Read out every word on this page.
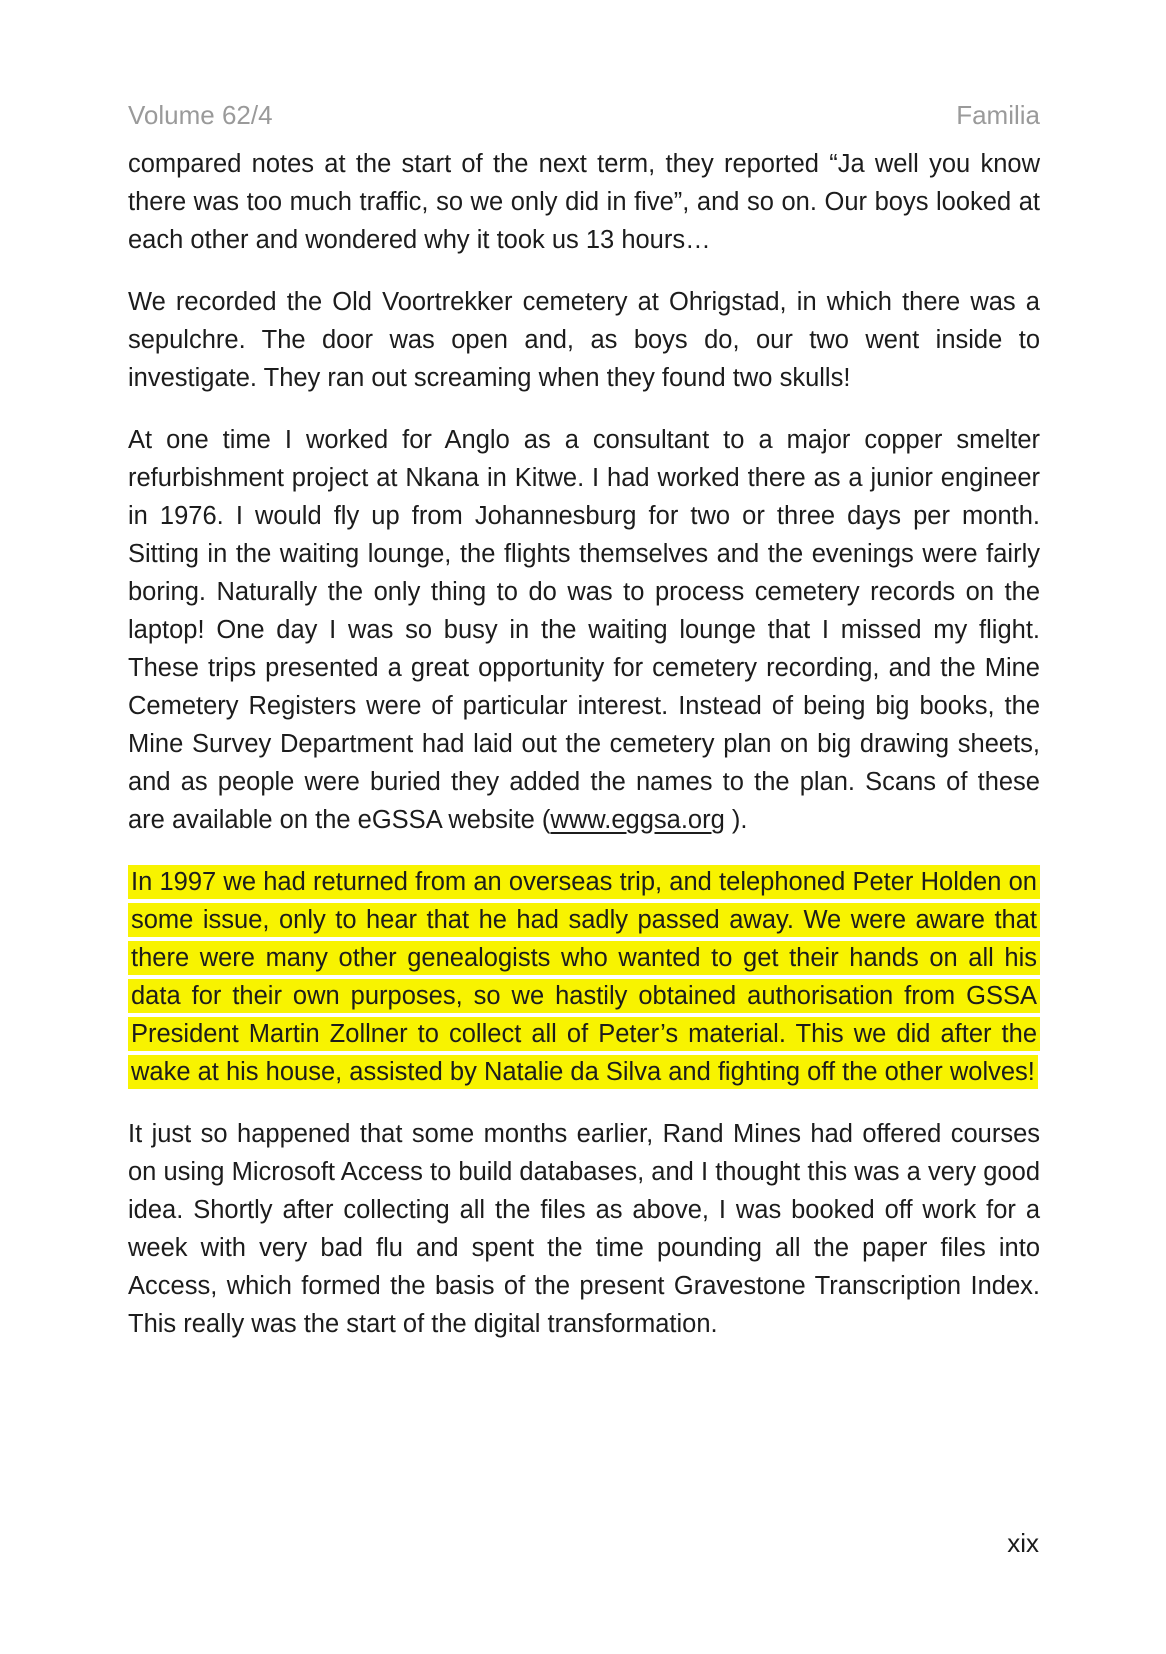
Volume 62/4	Familia

compared notes at the start of the next term, they reported “Ja well you know there was too much traffic, so we only did in five”, and so on. Our boys looked at each other and wondered why it took us 13 hours…

We recorded the Old Voortrekker cemetery at Ohrigstad, in which there was a sepulchre. The door was open and, as boys do, our two went inside to investigate. They ran out screaming when they found two skulls!

At one time I worked for Anglo as a consultant to a major copper smelter refurbishment project at Nkana in Kitwe. I had worked there as a junior engineer in 1976. I would fly up from Johannesburg for two or three days per month. Sitting in the waiting lounge, the flights themselves and the evenings were fairly boring. Naturally the only thing to do was to process cemetery records on the laptop! One day I was so busy in the waiting lounge that I missed my flight. These trips presented a great opportunity for cemetery recording, and the Mine Cemetery Registers were of particular interest. Instead of being big books, the Mine Survey Department had laid out the cemetery plan on big drawing sheets, and as people were buried they added the names to the plan. Scans of these are available on the eGSSA website (www.eggsa.org ).

In 1997 we had returned from an overseas trip, and telephoned Peter Holden on some issue, only to hear that he had sadly passed away. We were aware that there were many other genealogists who wanted to get their hands on all his data for their own purposes, so we hastily obtained authorisation from GSSA President Martin Zollner to collect all of Peter’s material. This we did after the wake at his house, assisted by Natalie da Silva and fighting off the other wolves!

It just so happened that some months earlier, Rand Mines had offered courses on using Microsoft Access to build databases, and I thought this was a very good idea. Shortly after collecting all the files as above, I was booked off work for a week with very bad flu and spent the time pounding all the paper files into Access, which formed the basis of the present Gravestone Transcription Index. This really was the start of the digital transformation.

xix
